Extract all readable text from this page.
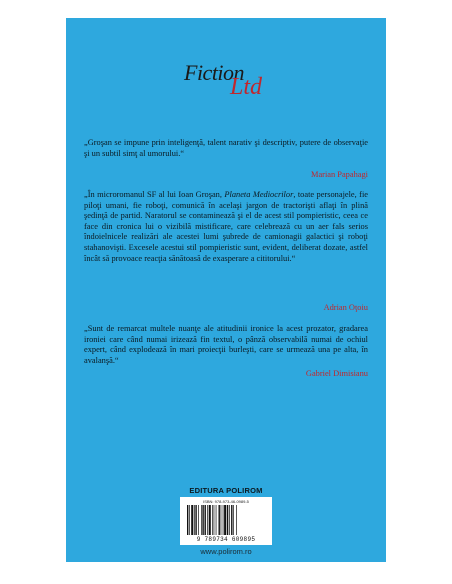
Fiction
Ltd
„Groşan se impune prin inteligenţă, talent narativ şi descriptiv, putere de observaţie şi un subtil simţ al umorului.“
Marian Papahagi
„În microromanul SF al lui Ioan Groşan, Planeta Mediocrilor, toate personajele, fie piloţi umani, fie roboţi, comunică în acelaşi jargon de tractorişti aflaţi în plină şedinţă de partid. Naratorul se contaminează şi el de acest stil pompieristic, ceea ce face din cronica lui o vizibilă mistificare, care celebrează cu un aer fals serios îndoielnicele realizări ale acestei lumi şubrede de camionagii galactici şi roboţi stahanovişti. Excesele acestui stil pompieristic sunt, evident, deliberat dozate, astfel încât să provoace reacţia sănătoasă de exasperare a cititorului.“
Adrian Oţoiu
„Sunt de remarcat multele nuanţe ale atitudinii ironice la acest prozator, gradarea ironiei care când numai irizează fin textul, o pânză observabilă numai de ochiul expert, când explodează în mari proiecţii burleşti, care se urmează una pe alta, în avalanşă.“
Gabriel Dimisianu
EDITURA POLIROM
ISBN: 978-973-46-0989-5
9 789734 609895
www.polirom.ro
